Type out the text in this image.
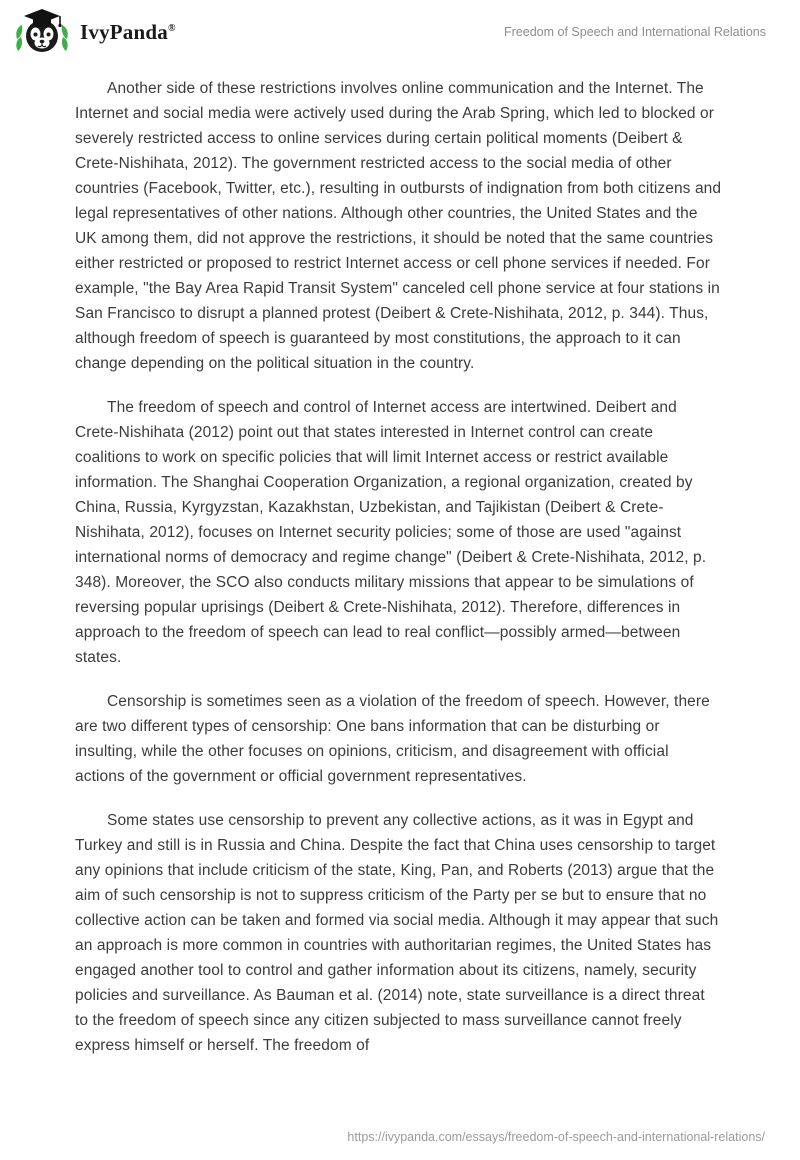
IvyPanda®	Freedom of Speech and International Relations

Another side of these restrictions involves online communication and the Internet. The Internet and social media were actively used during the Arab Spring, which led to blocked or severely restricted access to online services during certain political moments (Deibert & Crete-Nishihata, 2012). The government restricted access to the social media of other countries (Facebook, Twitter, etc.), resulting in outbursts of indignation from both citizens and legal representatives of other nations. Although other countries, the United States and the UK among them, did not approve the restrictions, it should be noted that the same countries either restricted or proposed to restrict Internet access or cell phone services if needed. For example, "the Bay Area Rapid Transit System" canceled cell phone service at four stations in San Francisco to disrupt a planned protest (Deibert & Crete-Nishihata, 2012, p. 344). Thus, although freedom of speech is guaranteed by most constitutions, the approach to it can change depending on the political situation in the country.

The freedom of speech and control of Internet access are intertwined. Deibert and Crete-Nishihata (2012) point out that states interested in Internet control can create coalitions to work on specific policies that will limit Internet access or restrict available information. The Shanghai Cooperation Organization, a regional organization, created by China, Russia, Kyrgyzstan, Kazakhstan, Uzbekistan, and Tajikistan (Deibert & Crete-Nishihata, 2012), focuses on Internet security policies; some of those are used "against international norms of democracy and regime change" (Deibert & Crete-Nishihata, 2012, p. 348). Moreover, the SCO also conducts military missions that appear to be simulations of reversing popular uprisings (Deibert & Crete-Nishihata, 2012). Therefore, differences in approach to the freedom of speech can lead to real conflict—possibly armed—between states.

Censorship is sometimes seen as a violation of the freedom of speech. However, there are two different types of censorship: One bans information that can be disturbing or insulting, while the other focuses on opinions, criticism, and disagreement with official actions of the government or official government representatives.

Some states use censorship to prevent any collective actions, as it was in Egypt and Turkey and still is in Russia and China. Despite the fact that China uses censorship to target any opinions that include criticism of the state, King, Pan, and Roberts (2013) argue that the aim of such censorship is not to suppress criticism of the Party per se but to ensure that no collective action can be taken and formed via social media. Although it may appear that such an approach is more common in countries with authoritarian regimes, the United States has engaged another tool to control and gather information about its citizens, namely, security policies and surveillance. As Bauman et al. (2014) note, state surveillance is a direct threat to the freedom of speech since any citizen subjected to mass surveillance cannot freely express himself or herself. The freedom of

https://ivypanda.com/essays/freedom-of-speech-and-international-relations/
